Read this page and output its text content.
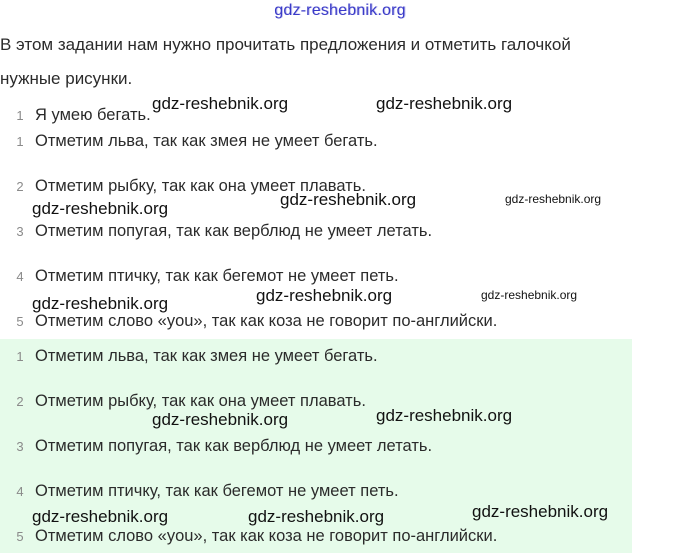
gdz-reshebnik.org
В этом задании нам нужно прочитать предложения и отметить галочкой
нужные рисунки.
1 Я умею бегать.
1 Отметим льва, так как змея не умеет бегать.
2 Отметим рыбку, так как она умеет плавать.
3 Отметим попугая, так как верблюд не умеет летать.
4 Отметим птичку, так как бегемот не умеет петь.
5 Отметим слово «you», так как коза не говорит по-английски.
1 Отметим льва, так как змея не умеет бегать.
2 Отметим рыбку, так как она умеет плавать.
3 Отметим попугая, так как верблюд не умеет летать.
4 Отметим птичку, так как бегемот не умеет петь.
5 Отметим слово «you», так как коза не говорит по-английски.
gdz-reshebnik.org	gdz-reshebnik.org
gdz-reshebnik.org	gdz-reshebnik.org
gdz-reshebnik.org
gdz-reshebnik.org	gdz-reshebnik.org
gdz-reshebnik.org
gdz-reshebnik.org
gdz-reshebnik.org
gdz-reshebnik.org
gdz-reshebnik.org	gdz-reshebnik.org
